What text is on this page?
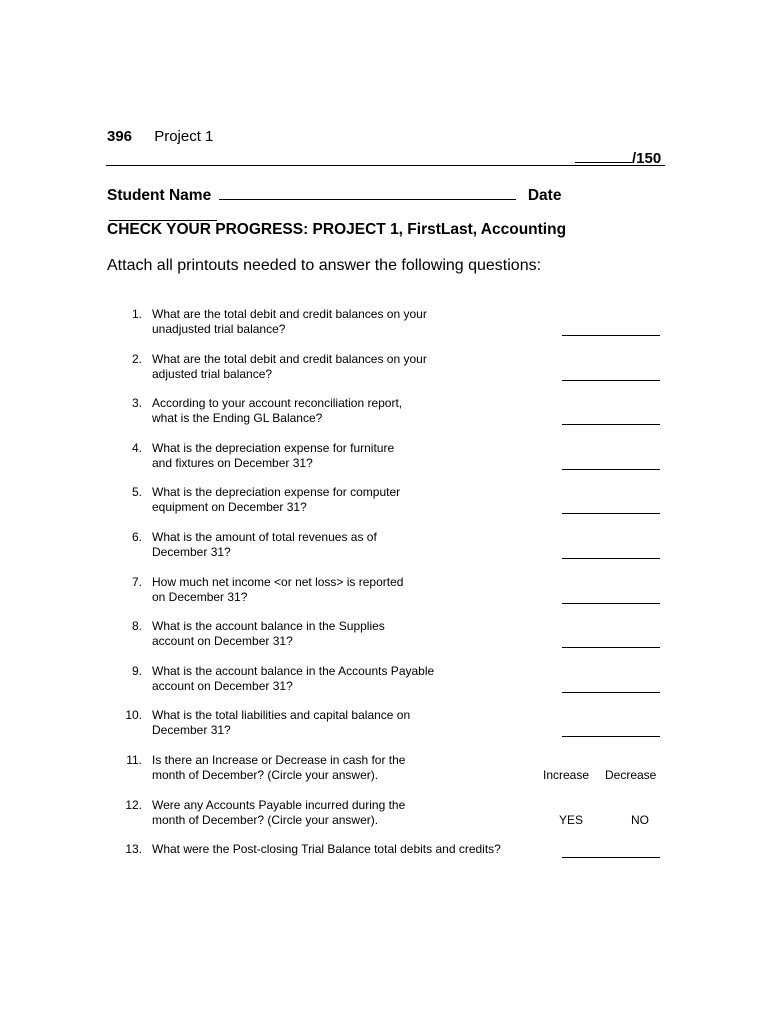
396 Project 1
/150
Student Name	Date
CHECK YOUR PROGRESS: PROJECT 1, FirstLast, Accounting
Attach all printouts needed to answer the following questions:
1. What are the total debit and credit balances on your
unadjusted trial balance?
2. What are the total debit and credit balances on your
adjusted trial balance?
3. According to your account reconciliation report,
what is the Ending GL Balance?
4. What is the depreciation expense for furniture
and fixtures on December 31?
5. What is the depreciation expense for computer
equipment on December 31?
6. What is the amount of total revenues as of
December 31?
7. How much net income <or net loss> is reported
on December 31?
8. What is the account balance in the Supplies
account on December 31?
9. What is the account balance in the Accounts Payable
account on December 31?
10. What is the total liabilities and capital balance on
December 31?
11. Is there an Increase or Decrease in cash for the
month of December? (Circle your answer).	Increase Decrease
12. Were any Accounts Payable incurred during the
month of December? (Circle your answer).	YES	NO
13. What were the Post-closing Trial Balance total debits and credits?
